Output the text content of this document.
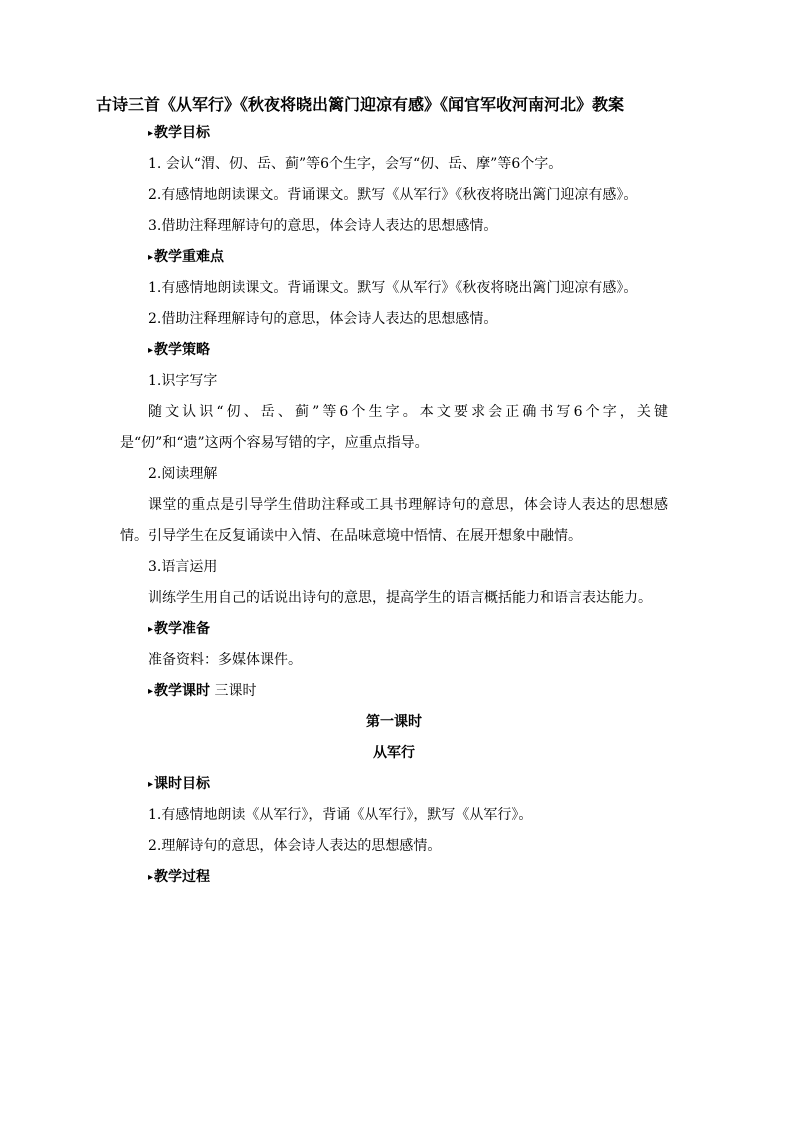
古诗三首《从军行》《秋夜将晓出篱门迎凉有感》《闻官军收河南河北》教案

▸教学目标

1. 会认“渭、仞、岳、蓟”等6个生字，会写“仞、岳、摩”等6个字。

2.有感情地朗读课文。背诵课文。默写《从军行》《秋夜将晓出篱门迎凉有感》。

3.借助注释理解诗句的意思，体会诗人表达的思想感情。

▸教学重难点

1.有感情地朗读课文。背诵课文。默写《从军行》《秋夜将晓出篱门迎凉有感》。

2.借助注释理解诗句的意思，体会诗人表达的思想感情。

▸教学策略

1.识字写字

随文认识“仞、岳、蓟”等6个生字。本文要求会正确书写6个字，关键是“仞”和“遗”这两个容易写错的字，应重点指导。

2.阅读理解

课堂的重点是引导学生借助注释或工具书理解诗句的意思，体会诗人表达的思想感情。引导学生在反复诵读中入情、在品味意境中悟情、在展开想象中融情。

3.语言运用

训练学生用自己的话说出诗句的意思，提高学生的语言概括能力和语言表达能力。

▸教学准备

准备资料：多媒体课件。

▸教学课时 三课时

第一课时

从军行

▸课时目标

1.有感情地朗读《从军行》，背诵《从军行》，默写《从军行》。

2.理解诗句的意思，体会诗人表达的思想感情。

▸教学过程
